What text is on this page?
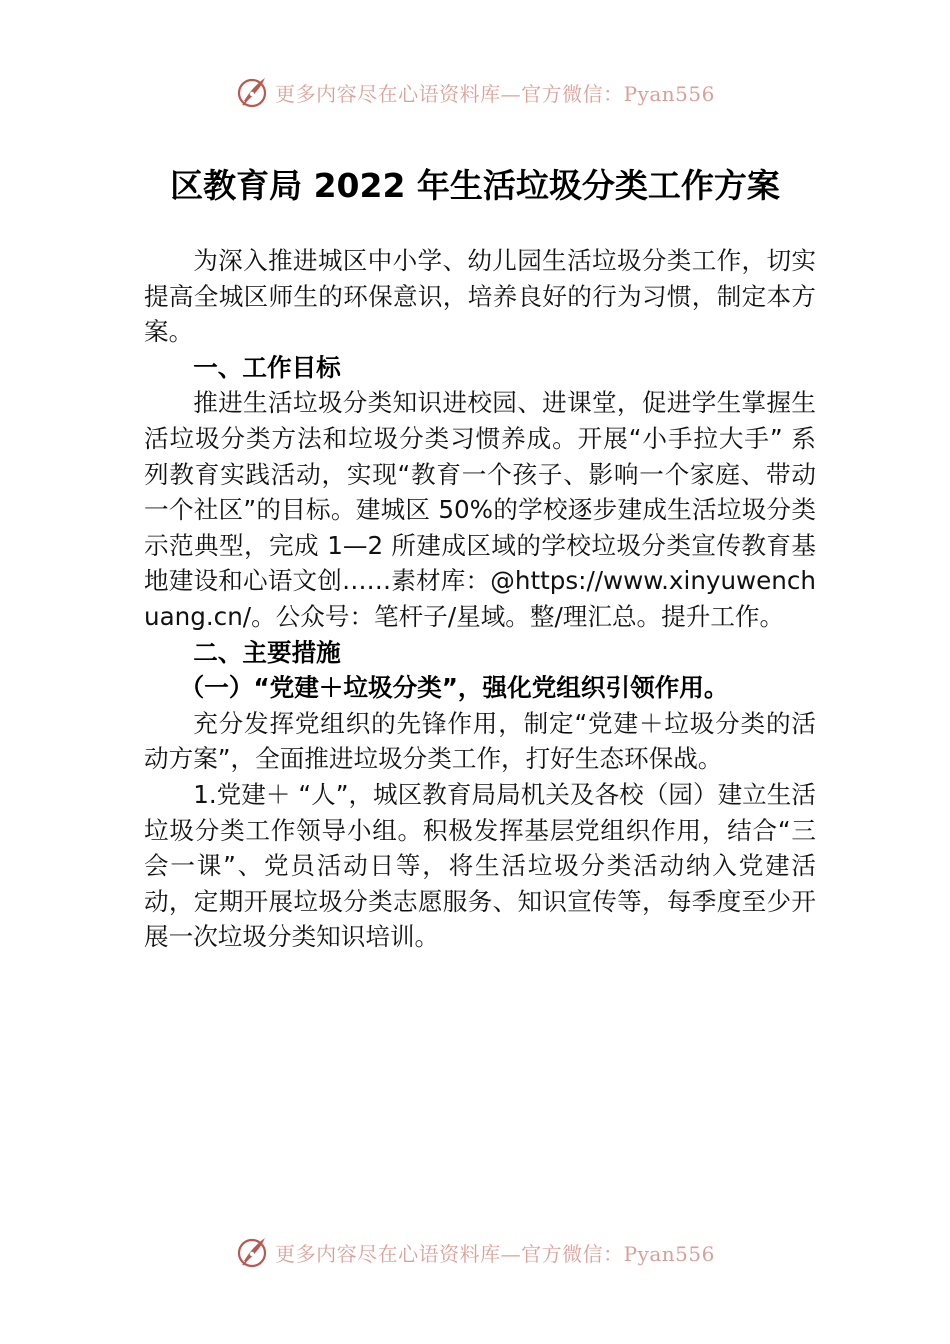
更多内容尽在心语资料库—官方微信：Pyan556
区教育局 2022 年生活垃圾分类工作方案

为深入推进城区中小学、幼儿园生活垃圾分类工作，切实提高全城区师生的环保意识，培养良好的行为习惯，制定本方案。

一、工作目标

推进生活垃圾分类知识进校园、进课堂，促进学生掌握生活垃圾分类方法和垃圾分类习惯养成。开展“小手拉大手” 系列教育实践活动，实现“教育一个孩子、影响一个家庭、带动一个社区”的目标。建城区 50%的学校逐步建成生活垃圾分类示范典型，完成 1—2 所建成区域的学校垃圾分类宣传教育基地建设和心语文创……素材库：@https://www.xinyuwenchuang.cn/。公众号：笔杆子/星域。整/理汇总。提升工作。

二、主要措施

（一）“党建＋垃圾分类”，强化党组织引领作用。

充分发挥党组织的先锋作用，制定“党建＋垃圾分类的活动方案”，全面推进垃圾分类工作，打好生态环保战。

1.党建＋ “人”，城区教育局局机关及各校（园）建立生活垃圾分类工作领导小组。积极发挥基层党组织作用，结合“三会一课”、党员活动日等，将生活垃圾分类活动纳入党建活动，定期开展垃圾分类志愿服务、知识宣传等，每季度至少开展一次垃圾分类知识培训。

更多内容尽在心语资料库—官方微信：Pyan556
